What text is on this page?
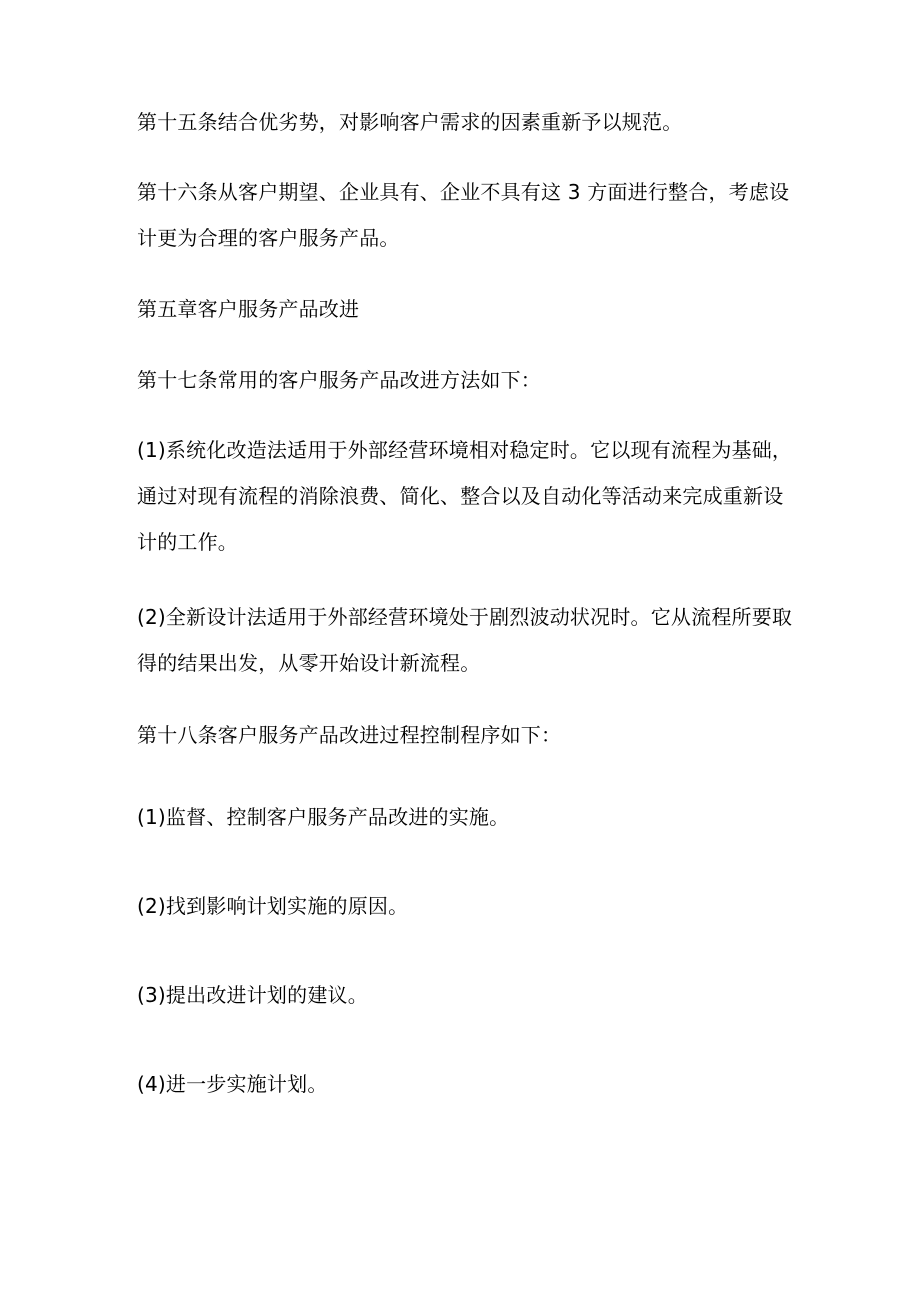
第十五条结合优劣势，对影响客户需求的因素重新予以规范。

第十六条从客户期望、企业具有、企业不具有这 3 方面进行整合，考虑设计更为合理的客户服务产品。

第五章客户服务产品改进

第十七条常用的客户服务产品改进方法如下：

(1)系统化改造法适用于外部经营环境相对稳定时。它以现有流程为基础，通过对现有流程的消除浪费、简化、整合以及自动化等活动来完成重新设计的工作。

(2)全新设计法适用于外部经营环境处于剧烈波动状况时。它从流程所要取得的结果出发，从零开始设计新流程。

第十八条客户服务产品改进过程控制程序如下：

(1)监督、控制客户服务产品改进的实施。

(2)找到影响计划实施的原因。

(3)提出改进计划的建议。

(4)进一步实施计划。
